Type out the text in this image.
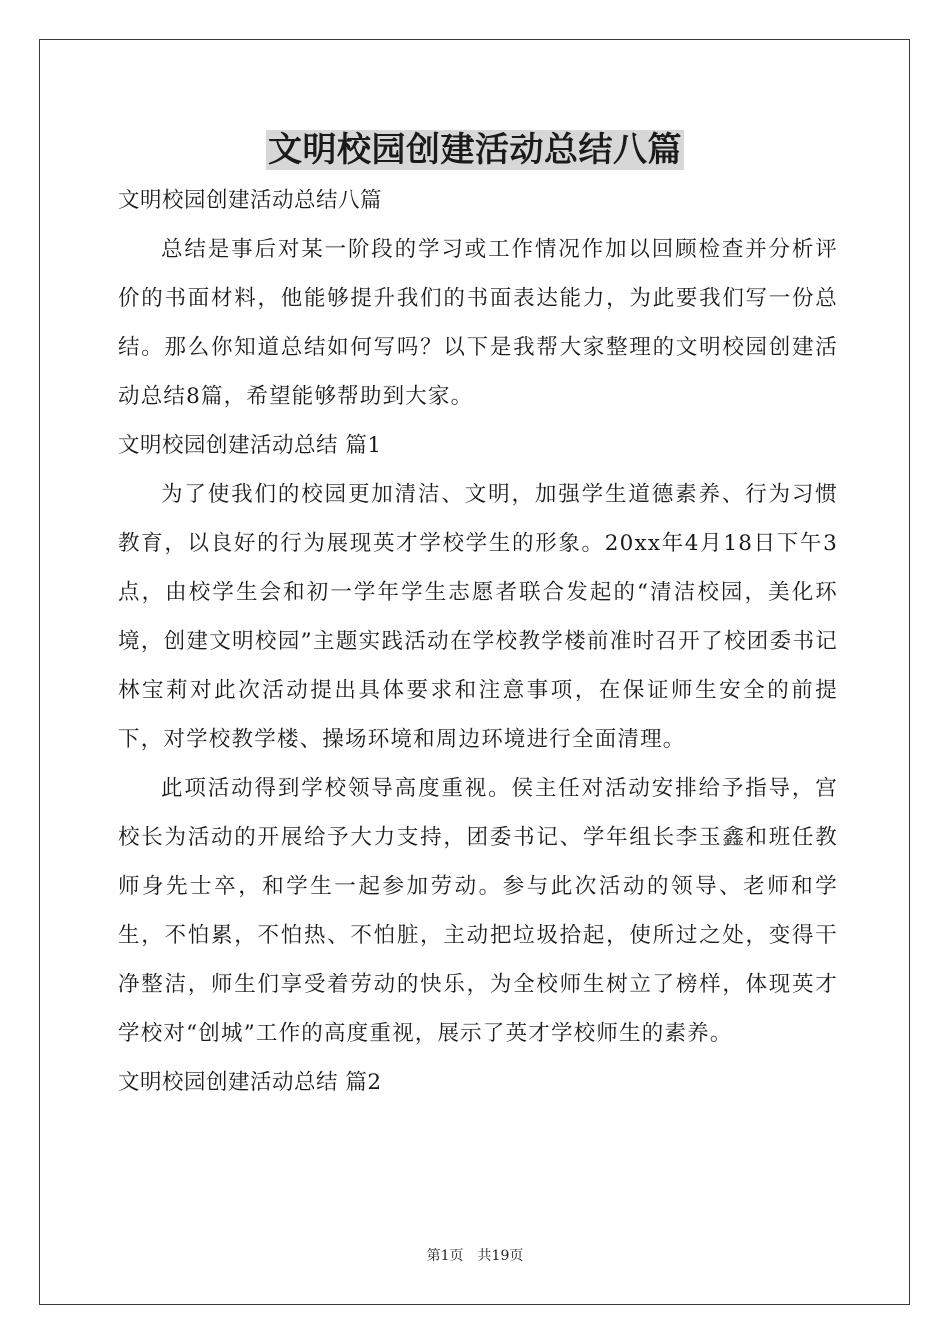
文明校园创建活动总结八篇

文明校园创建活动总结八篇

总结是事后对某一阶段的学习或工作情况作加以回顾检查并分析评价的书面材料，他能够提升我们的书面表达能力，为此要我们写一份总结。那么你知道总结如何写吗？以下是我帮大家整理的文明校园创建活动总结8篇，希望能够帮助到大家。

文明校园创建活动总结 篇1

为了使我们的校园更加清洁、文明，加强学生道德素养、行为习惯教育，以良好的行为展现英才学校学生的形象。20xx年4月18日下午3点，由校学生会和初一学年学生志愿者联合发起的“清洁校园，美化环境，创建文明校园”主题实践活动在学校教学楼前准时召开了校团委书记林宝莉对此次活动提出具体要求和注意事项，在保证师生安全的前提下，对学校教学楼、操场环境和周边环境进行全面清理。

此项活动得到学校领导高度重视。侯主任对活动安排给予指导，宫校长为活动的开展给予大力支持，团委书记、学年组长李玉鑫和班任教师身先士卒，和学生一起参加劳动。参与此次活动的领导、老师和学生，不怕累，不怕热、不怕脏，主动把垃圾拾起，使所过之处，变得干净整洁，师生们享受着劳动的快乐，为全校师生树立了榜样，体现英才学校对“创城”工作的高度重视，展示了英才学校师生的素养。

文明校园创建活动总结 篇2

第1页　共19页
